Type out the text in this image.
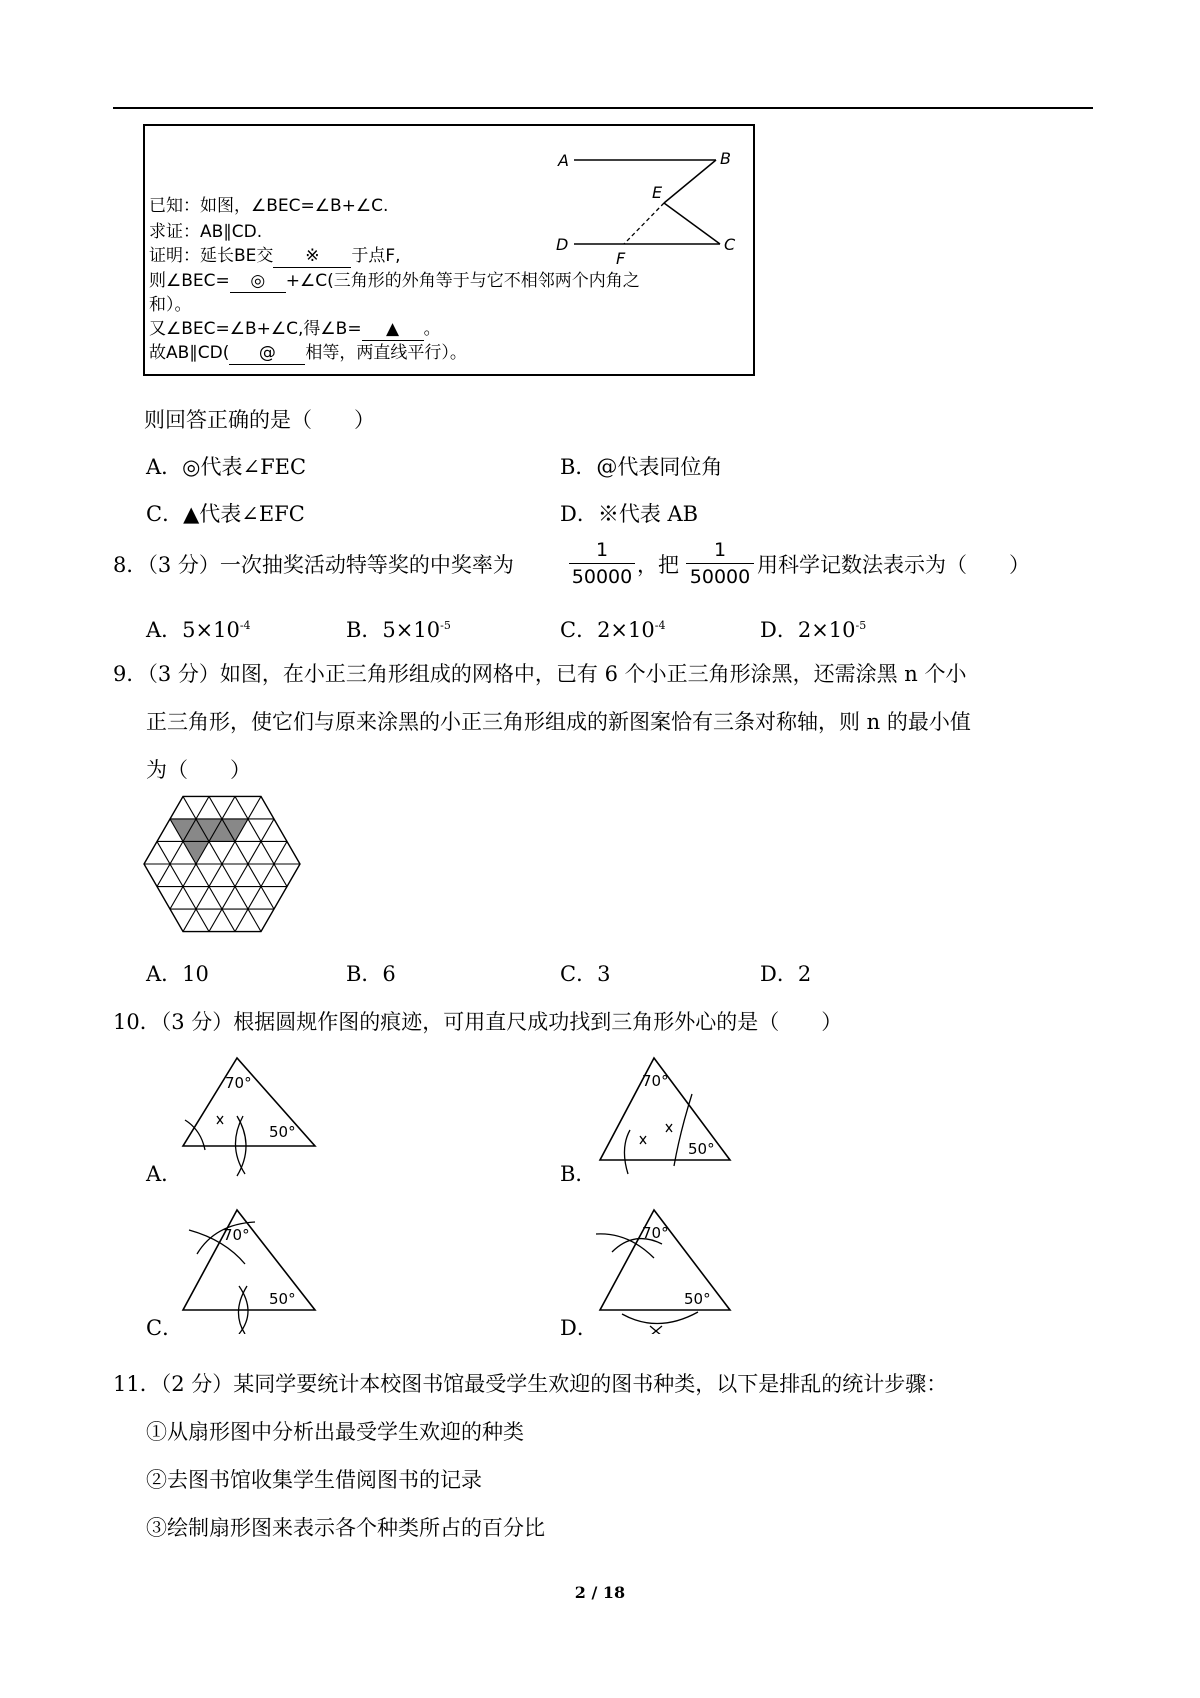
已知：如图，∠BEC=∠B+∠C.
求证：AB∥CD.
证明：延长BE交 ※ 于点F,
则∠BEC= ◎ +∠C(三角形的外角等于与它不相邻两个内角之
和）。
又∠BEC=∠B+∠C,得∠B= ▲ 。
故AB∥CD( @ 相等，两直线平行）。
A	B
E
D
F
C
则回答正确的是（　　）
A．◎代表∠FEC	B．@代表同位角
C．▲代表∠EFC	D．※代表 AB
8．（3 分）一次抽奖活动特等奖的中奖率为	$\frac{1}{50000}$ ，把 $\frac{1}{50000}$ 用科学记数法表示为（　　）
A．$5\times 10^{-4}$	B．$5\times 10^{-5}$	C．$2\times 10^{-4}$	D．$2\times 10^{-5}$
9．（3 分）如图，在小正三角形组成的网格中，已有 6 个小正三角形涂黑，还需涂黑 n 个小
正三角形，使它们与原来涂黑的小正三角形组成的新图案恰有三条对称轴，则 n 的最小值
为（　　）
A．10	B．6	C．3	D．2
10．（3 分）根据圆规作图的痕迹，可用直尺成功找到三角形外心的是（　　）
70°
50°
A．
70°
50°
B．
70°
50°
C．
70°
50°
D．
11．（2 分）某同学要统计本校图书馆最受学生欢迎的图书种类，以下是排乱的统计步骤：
①从扇形图中分析出最受学生欢迎的种类
②去图书馆收集学生借阅图书的记录
③绘制扇形图来表示各个种类所占的百分比
2 / 18
